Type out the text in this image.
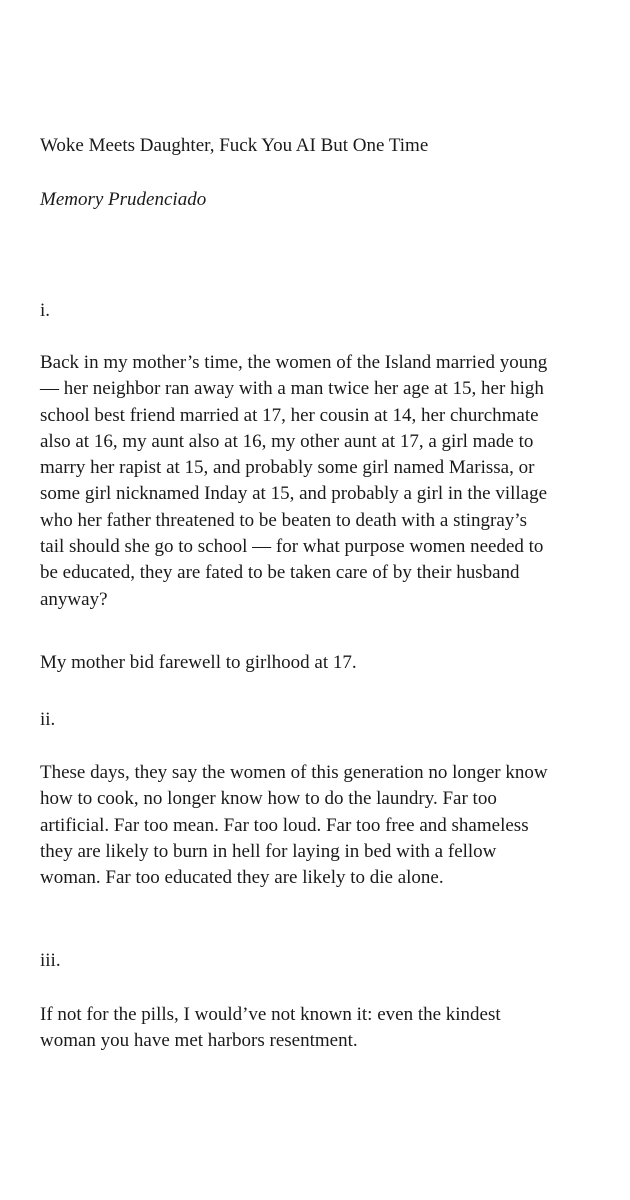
Woke Meets Daughter, Fuck You AI But One Time
Memory Prudenciado
i.

Back in my mother’s time, the women of the Island married young
— her neighbor ran away with a man twice her age at 15, her high
school best friend married at 17, her cousin at 14, her churchmate
also at 16, my aunt also at 16, my other aunt at 17, a girl made to
marry her rapist at 15, and probably some girl named Marissa, or
some girl nicknamed Inday at 15, and probably a girl in the village
who her father threatened to be beaten to death with a stingray’s
tail should she go to school — for what purpose women needed to
be educated, they are fated to be taken care of by their husband
anyway?

My mother bid farewell to girlhood at 17.

ii.

These days, they say the women of this generation no longer know
how to cook, no longer know how to do the laundry. Far too
artificial. Far too mean. Far too loud. Far too free and shameless
they are likely to burn in hell for laying in bed with a fellow
woman. Far too educated they are likely to die alone.

iii.

If not for the pills, I would’ve not known it: even the kindest
woman you have met harbors resentment.
